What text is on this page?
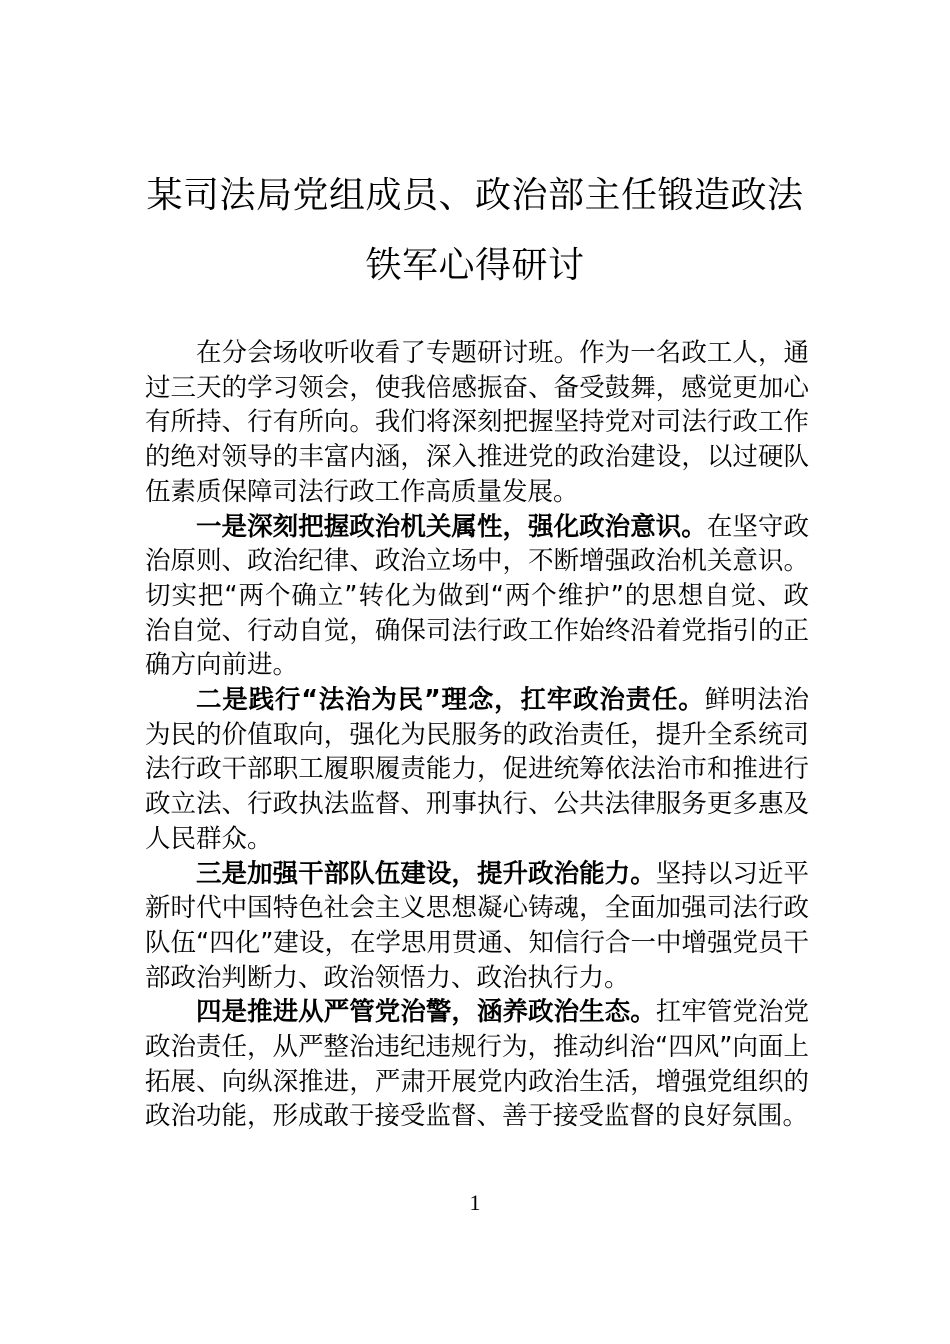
某司法局党组成员、政治部主任锻造政法
铁军心得研讨

在分会场收听收看了专题研讨班。作为一名政工人，通过三天的学习领会，使我倍感振奋、备受鼓舞，感觉更加心有所持、行有所向。我们将深刻把握坚持党对司法行政工作的绝对领导的丰富内涵，深入推进党的政治建设，以过硬队伍素质保障司法行政工作高质量发展。

一是深刻把握政治机关属性，强化政治意识。在坚守政治原则、政治纪律、政治立场中，不断增强政治机关意识。切实把“两个确立”转化为做到“两个维护”的思想自觉、政治自觉、行动自觉，确保司法行政工作始终沿着党指引的正确方向前进。

二是践行“法治为民”理念，扛牢政治责任。鲜明法治为民的价值取向，强化为民服务的政治责任，提升全系统司法行政干部职工履职履责能力，促进统筹依法治市和推进行政立法、行政执法监督、刑事执行、公共法律服务更多惠及人民群众。

三是加强干部队伍建设，提升政治能力。坚持以习近平新时代中国特色社会主义思想凝心铸魂，全面加强司法行政队伍“四化”建设，在学思用贯通、知信行合一中增强党员干部政治判断力、政治领悟力、政治执行力。

四是推进从严管党治警，涵养政治生态。扛牢管党治党政治责任，从严整治违纪违规行为，推动纠治“四风”向面上拓展、向纵深推进，严肃开展党内政治生活，增强党组织的政治功能，形成敢于接受监督、善于接受监督的良好氛围。

1
